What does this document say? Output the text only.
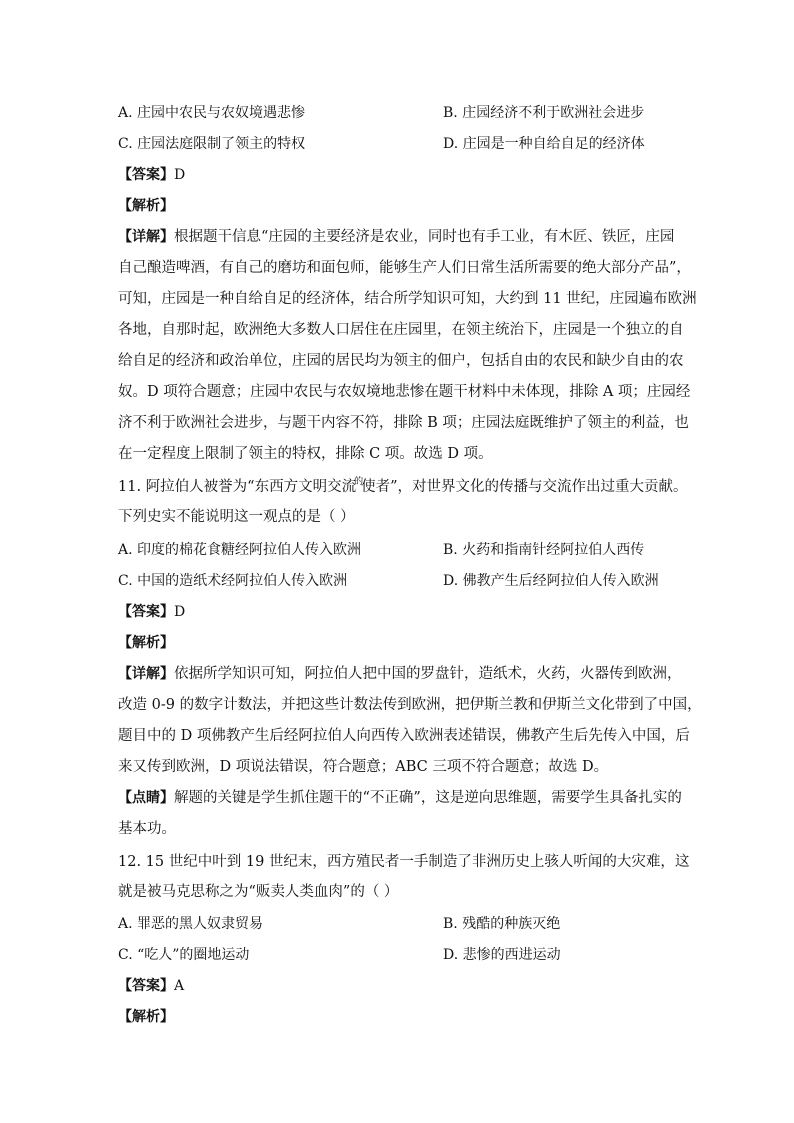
A. 庄园中农民与农奴境遇悲惨	B. 庄园经济不利于欧洲社会进步
C. 庄园法庭限制了领主的特权	D. 庄园是一种自给自足的经济体
【答案】D
【解析】
【详解】根据题干信息“庄园的主要经济是农业，同时也有手工业，有木匠、铁匠，庄园
自己酿造啤酒，有自己的磨坊和面包师，能够生产人们日常生活所需要的绝大部分产品”，
可知，庄园是一种自给自足的经济体，结合所学知识可知，大约到 11 世纪，庄园遍布欧洲
各地，自那时起，欧洲绝大多数人口居住在庄园里，在领主统治下，庄园是一个独立的自
给自足的经济和政治单位，庄园的居民均为领主的佃户，包括自由的农民和缺少自由的农
奴。D 项符合题意；庄园中农民与农奴境地悲惨在题干材料中未体现，排除 A 项；庄园经
济不利于欧洲社会进步，与题干内容不符，排除 B 项；庄园法庭既维护了领主的利益，也
在一定程度上限制了领主的特权，排除 C 项。故选 D 项。
11. 阿拉伯人被誉为“东西方文明交流$^的$使者”，对世界文化的传播与交流作出过重大贡献。
下列史实不能说明这一观点的是（ ）
A. 印度的棉花食糖经阿拉伯人传入欧洲	B. 火药和指南针经阿拉伯人西传
C. 中国的造纸术经阿拉伯人传入欧洲	D. 佛教产生后经阿拉伯人传入欧洲
【答案】D
【解析】
【详解】依据所学知识可知，阿拉伯人把中国的罗盘针，造纸术，火药，火器传到欧洲，
改造 0-9 的数字计数法，并把这些计数法传到欧洲，把伊斯兰教和伊斯兰文化带到了中国，
题目中的 D 项佛教产生后经阿拉伯人向西传入欧洲表述错误，佛教产生后先传入中国，后
来又传到欧洲，D 项说法错误，符合题意；ABC 三项不符合题意；故选 D。
【点睛】解题的关键是学生抓住题干的“不正确”，这是逆向思维题，需要学生具备扎实的
基本功。
12. 15 世纪中叶到 19 世纪末，西方殖民者一手制造了非洲历史上骇人听闻的大灾难，这
就是被马克思称之为“贩卖人类血肉”的（ ）
A. 罪恶的黑人奴隶贸易	B. 残酷的种族灭绝
C. “吃人”的圈地运动	D. 悲惨的西进运动
【答案】A
【解析】
